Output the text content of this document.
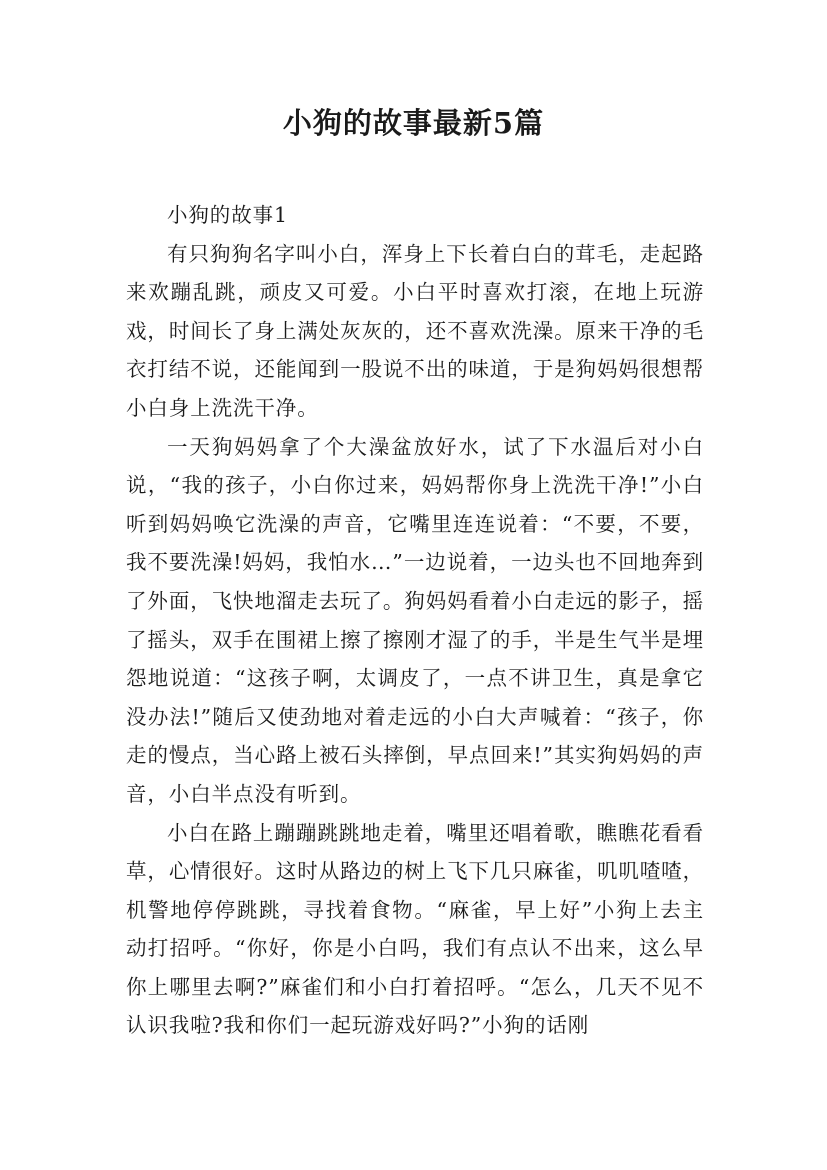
小狗的故事最新5篇

小狗的故事1

有只狗狗名字叫小白，浑身上下长着白白的茸毛，走起路来欢蹦乱跳，顽皮又可爱。小白平时喜欢打滚，在地上玩游戏，时间长了身上满处灰灰的，还不喜欢洗澡。原来干净的毛衣打结不说，还能闻到一股说不出的味道，于是狗妈妈很想帮小白身上洗洗干净。

一天狗妈妈拿了个大澡盆放好水，试了下水温后对小白说，“我的孩子，小白你过来，妈妈帮你身上洗洗干净!”小白听到妈妈唤它洗澡的声音，它嘴里连连说着：“不要，不要，我不要洗澡!妈妈，我怕水…”一边说着，一边头也不回地奔到了外面，飞快地溜走去玩了。狗妈妈看着小白走远的影子，摇了摇头，双手在围裙上擦了擦刚才湿了的手，半是生气半是埋怨地说道：“这孩子啊，太调皮了，一点不讲卫生，真是拿它没办法!”随后又使劲地对着走远的小白大声喊着：“孩子，你走的慢点，当心路上被石头摔倒，早点回来!”其实狗妈妈的声音，小白半点没有听到。

小白在路上蹦蹦跳跳地走着，嘴里还唱着歌，瞧瞧花看看草，心情很好。这时从路边的树上飞下几只麻雀，叽叽喳喳，机警地停停跳跳，寻找着食物。“麻雀，早上好”小狗上去主动打招呼。“你好，你是小白吗，我们有点认不出来，这么早你上哪里去啊?”麻雀们和小白打着招呼。“怎么，几天不见不认识我啦?我和你们一起玩游戏好吗?”小狗的话刚
